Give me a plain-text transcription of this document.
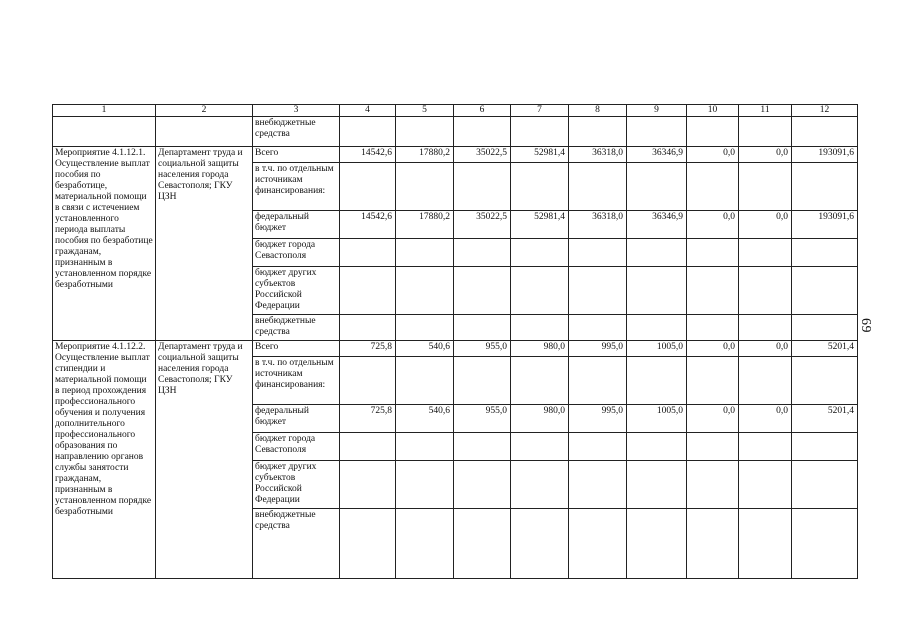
1	2	3	4	5	6	7	8	9	10	11	12
		внебюджетные средства									
Мероприятие 4.1.12.1. Осуществление выплат пособия по безработице, материальной помощи в связи с истечением установленного периода выплаты пособия по безработице гражданам, признанным в установленном порядке безработными	Департамент труда и социальной защиты населения города Севастополя; ГКУ ЦЗН	Всего	14542,6	17880,2	35022,5	52981,4	36318,0	36346,9	0,0	0,0	193091,6
		в т.ч. по отдельным источникам финансирования:									
		федеральный бюджет	14542,6	17880,2	35022,5	52981,4	36318,0	36346,9	0,0	0,0	193091,6
		бюджет города Севастополя									
		бюджет других субъектов Российской Федерации									
		внебюджетные средства									
Мероприятие 4.1.12.2. Осуществление выплат стипендии и материальной помощи в период прохождения профессионального обучения и получения дополнительного профессионального образования по направлению органов службы занятости гражданам, признанным в установленном порядке безработными	Департамент труда и социальной защиты населения города Севастополя; ГКУ ЦЗН	Всего	725,8	540,6	955,0	980,0	995,0	1005,0	0,0	0,0	5201,4
		в т.ч. по отдельным источникам финансирования:									
		федеральный бюджет	725,8	540,6	955,0	980,0	995,0	1005,0	0,0	0,0	5201,4
		бюджет города Севастополя									
		бюджет других субъектов Российской Федерации									
		внебюджетные средства									
69
